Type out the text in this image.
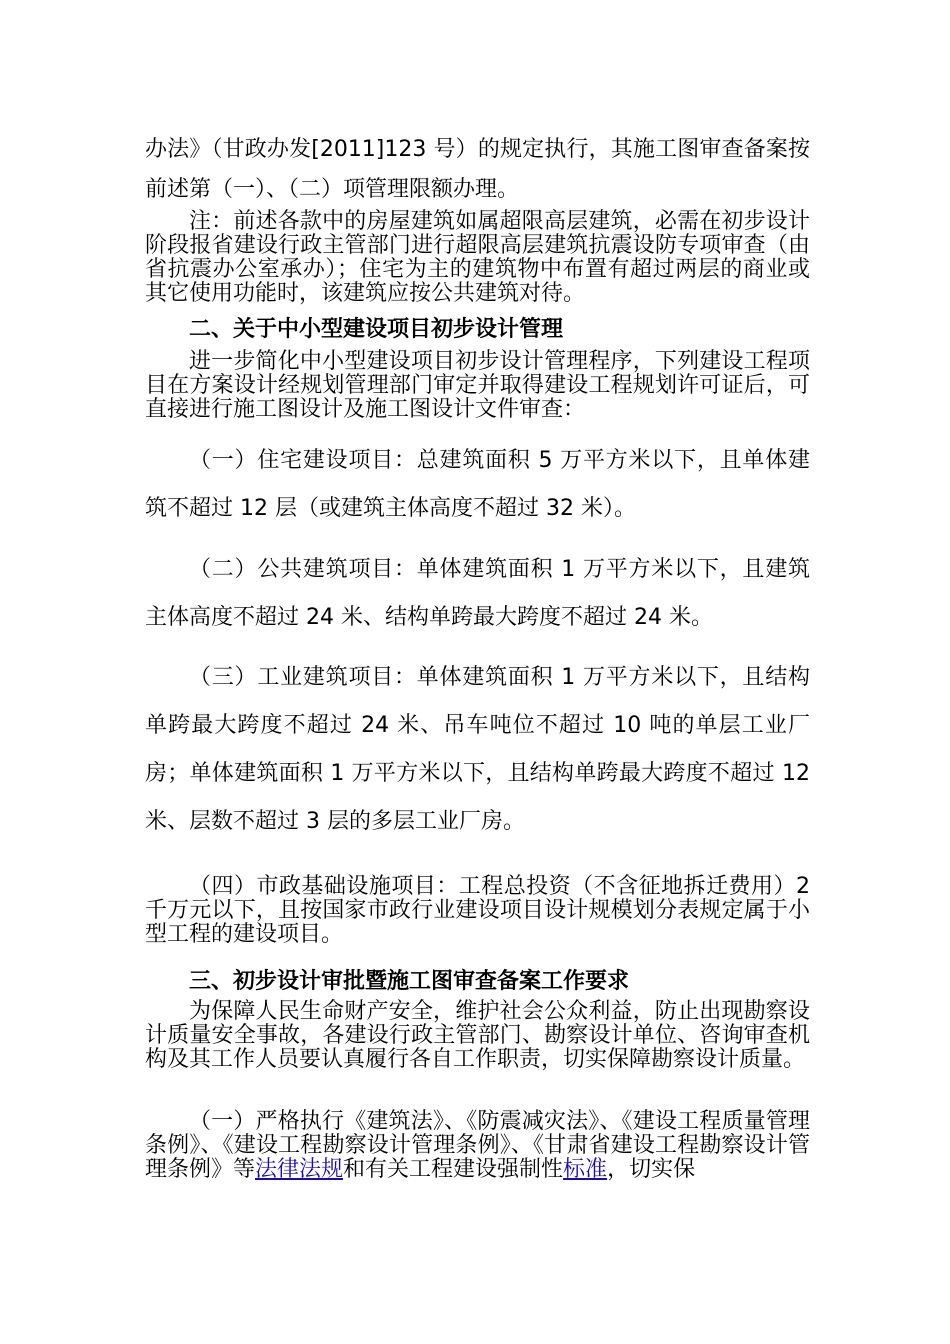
办法》（甘政办发[2011]123 号）的规定执行，其施工图审查备案按前述第（一）、（二）项管理限额办理。

注：前述各款中的房屋建筑如属超限高层建筑，必需在初步设计阶段报省建设行政主管部门进行超限高层建筑抗震设防专项审查（由省抗震办公室承办）；住宅为主的建筑物中布置有超过两层的商业或其它使用功能时，该建筑应按公共建筑对待。

二、关于中小型建设项目初步设计管理

进一步简化中小型建设项目初步设计管理程序，下列建设工程项目在方案设计经规划管理部门审定并取得建设工程规划许可证后，可直接进行施工图设计及施工图设计文件审查：

（一）住宅建设项目：总建筑面积 5 万平方米以下，且单体建筑不超过 12 层（或建筑主体高度不超过 32 米）。

（二）公共建筑项目：单体建筑面积 1 万平方米以下，且建筑主体高度不超过 24 米、结构单跨最大跨度不超过 24 米。

（三）工业建筑项目：单体建筑面积 1 万平方米以下，且结构单跨最大跨度不超过 24 米、吊车吨位不超过 10 吨的单层工业厂房；单体建筑面积 1 万平方米以下，且结构单跨最大跨度不超过 12 米、层数不超过 3 层的多层工业厂房。

（四）市政基础设施项目：工程总投资（不含征地拆迁费用）2 千万元以下，且按国家市政行业建设项目设计规模划分表规定属于小型工程的建设项目。

三、初步设计审批暨施工图审查备案工作要求

为保障人民生命财产安全，维护社会公众利益，防止出现勘察设计质量安全事故，各建设行政主管部门、勘察设计单位、咨询审查机构及其工作人员要认真履行各自工作职责，切实保障勘察设计质量。

（一）严格执行《建筑法》、《防震减灾法》、《建设工程质量管理条例》、《建设工程勘察设计管理条例》、《甘肃省建设工程勘察设计管理条例》等法律法规和有关工程建设强制性标准，切实保
